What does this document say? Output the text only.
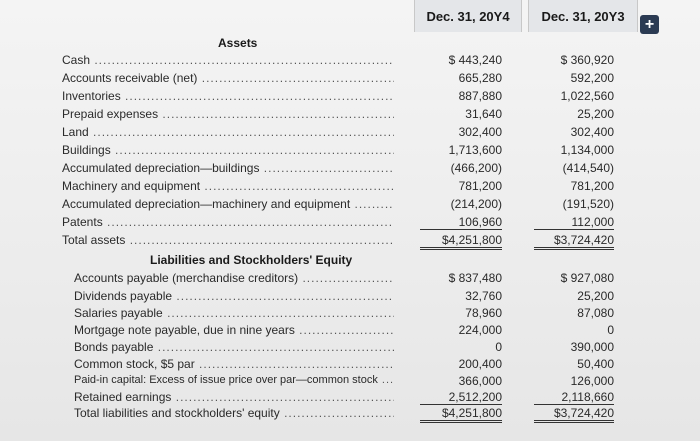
Dec. 31, 20Y4	Dec. 31, 20Y3	+
Assets
Cash .....	$ 443,240	$ 360,920
Accounts receivable (net) .....	665,280	592,200
Inventories .....	887,880	1,022,560
Prepaid expenses .....	31,640	25,200
Land .....	302,400	302,400
Buildings .....	1,713,600	1,134,000
Accumulated depreciation—buildings .....	(466,200)	(414,540)
Machinery and equipment .....	781,200	781,200
Accumulated depreciation—machinery and equipment .....	(214,200)	(191,520)
Patents .....	106,960	112,000
Total assets .....	$4,251,800	$3,724,420
Liabilities and Stockholders' Equity
Accounts payable (merchandise creditors) .....	$ 837,480	$ 927,080
Dividends payable .....	32,760	25,200
Salaries payable .....	78,960	87,080
Mortgage note payable, due in nine years .....	224,000	0
Bonds payable .....	0	390,000
Common stock, $5 par .....	200,400	50,400
Paid-in capital: Excess of issue price over par—common stock .....	366,000	126,000
Retained earnings .....	2,512,200	2,118,660
Total liabilities and stockholders' equity .....	$4,251,800	$3,724,420
